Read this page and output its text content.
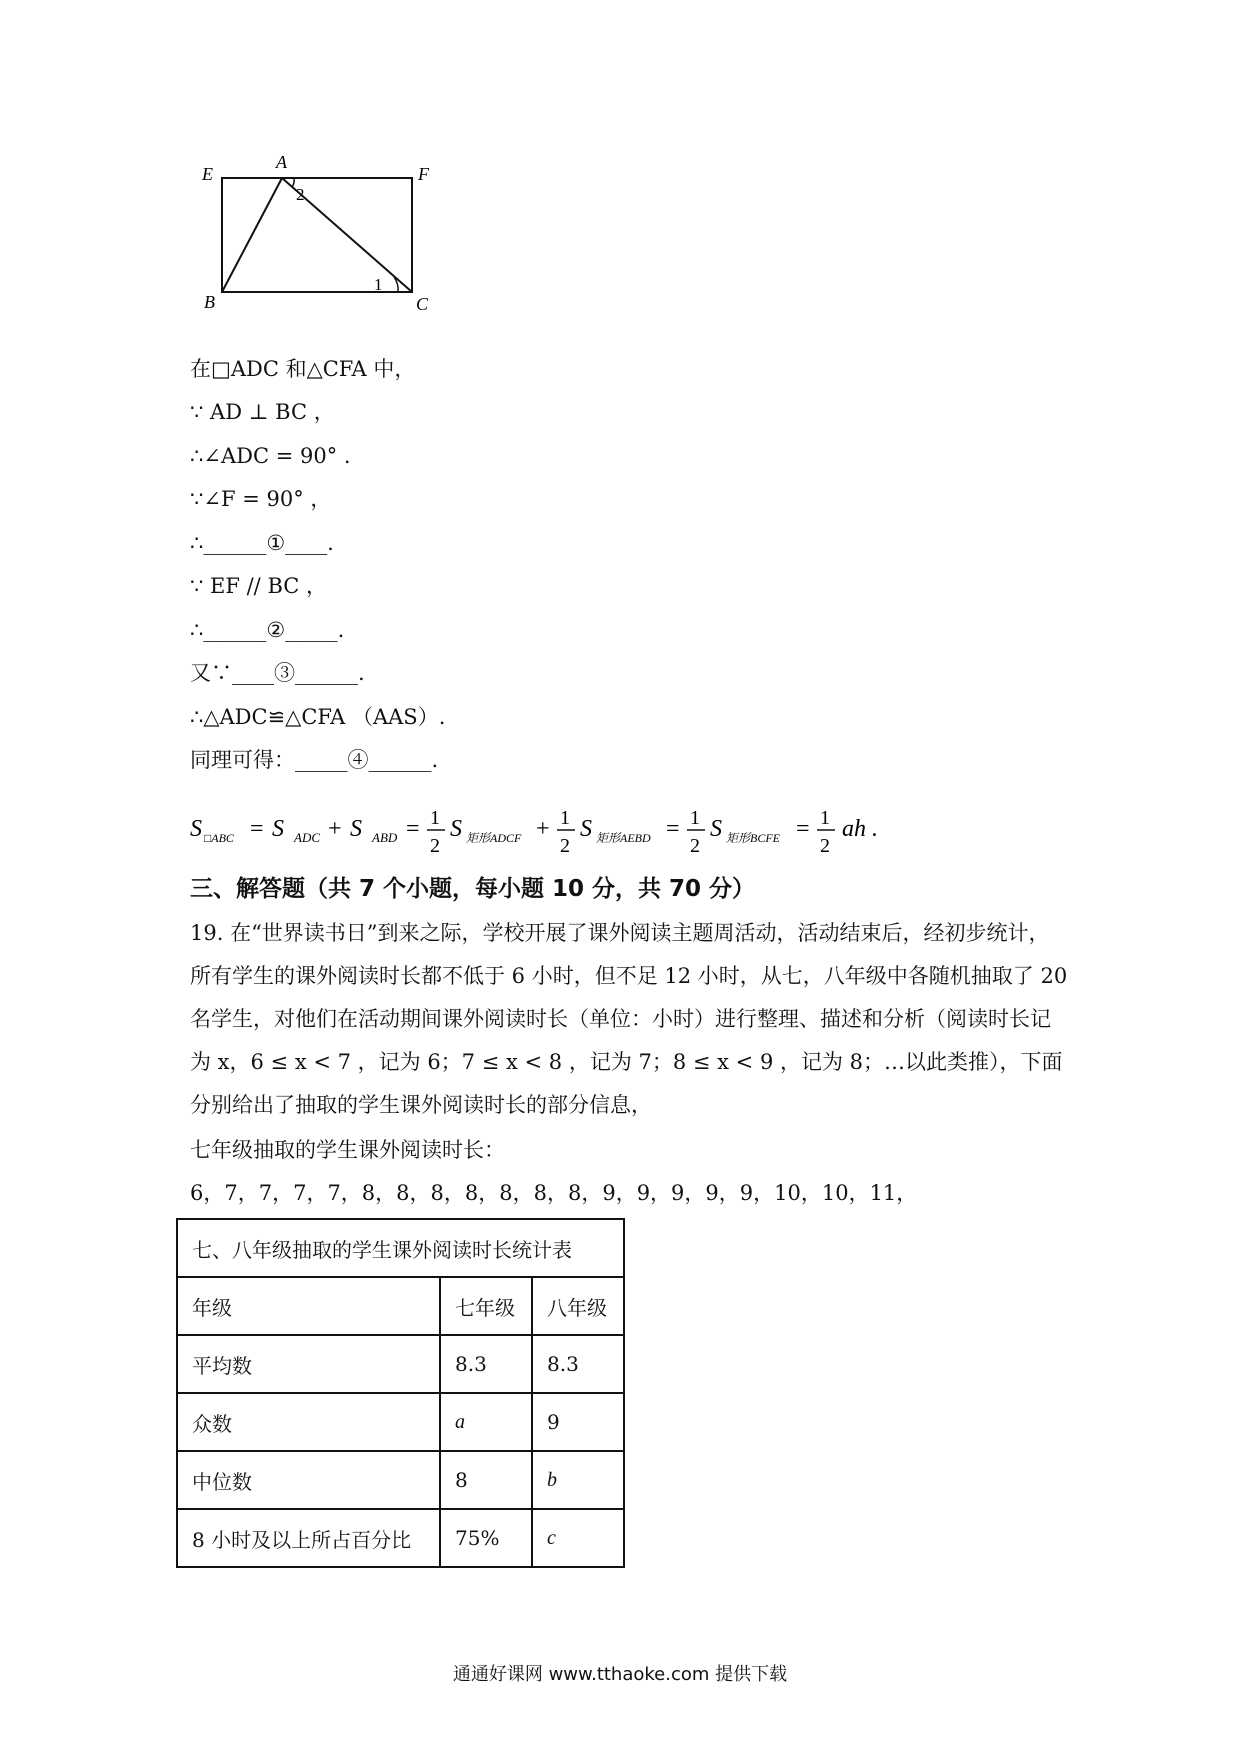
A
E	F
B	C
2
1
在□ADC 和△CFA 中，
∵ AD ⊥ BC ，
∴∠ADC = 90° .
∵∠F = 90° ，
∴______①____.
∵ EF // BC ，
∴______②_____.
又∵____③______.
∴△ADC≌△CFA （AAS）.
同理可得：_____④______.
S □ABC = S ADC + S ABD = 1
2
S 矩形ADCF + 1
2
S 矩形AEBD = 1
2
S 矩形BCFE = 1
2
ah .
三、解答题（共 7 个小题，每小题 10 分，共 70 分）
19. 在“世界读书日”到来之际，学校开展了课外阅读主题周活动，活动结束后，经初步统计，所有学生的课外阅读时长都不低于 6 小时，但不足 12 小时，从七，八年级中各随机抽取了 20 名学生，对他们在活动期间课外阅读时长（单位：小时）进行整理、描述和分析（阅读时长记为 x，6 ≤ x < 7 ，记为 6；7 ≤ x < 8 ，记为 7；8 ≤ x < 9 ，记为 8；…以此类推），下面分别给出了抽取的学生课外阅读时长的部分信息，
七年级抽取的学生课外阅读时长：
6，7，7，7，7，8，8，8，8，8，8，8，9，9，9，9，9，10，10，11，
七、八年级抽取的学生课外阅读时长统计表		
年级	七年级	八年级
平均数	8.3	8.3
众数	a	9
中位数	8	b
8 小时及以上所占百分比	75%	c
通通好课网 www.tthaoke.com 提供下载
